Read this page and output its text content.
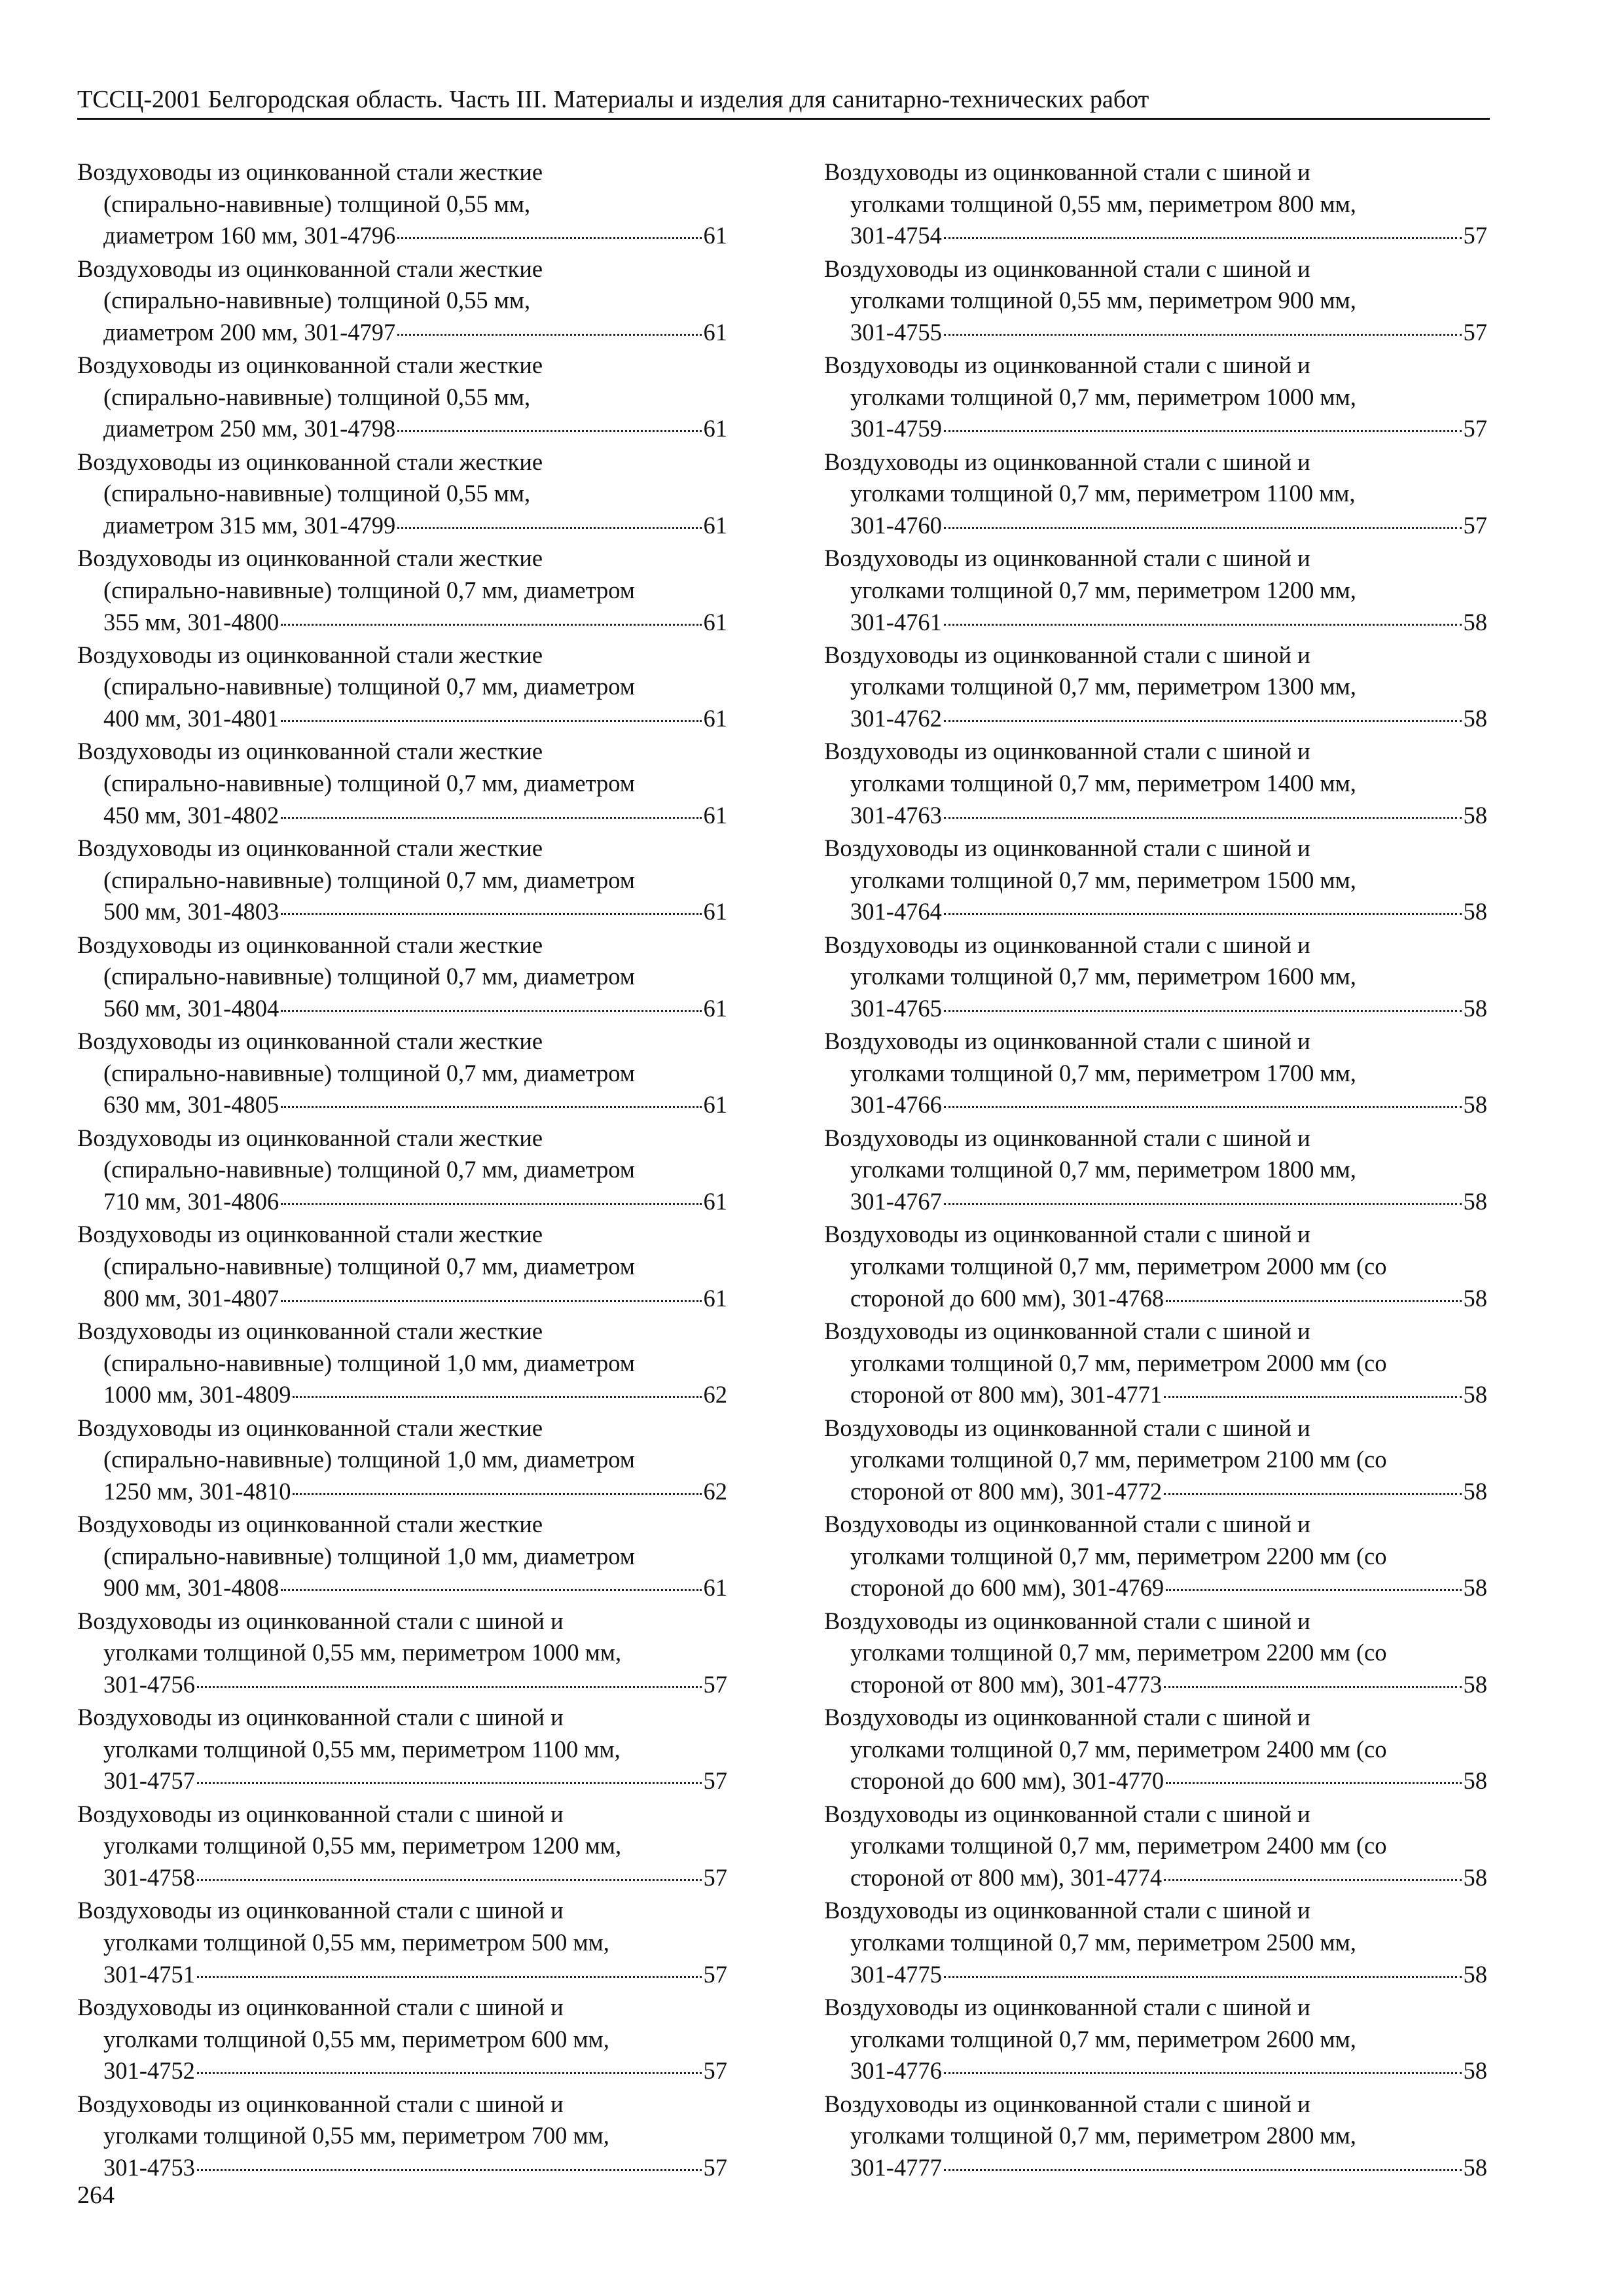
ТССЦ-2001 Белгородская область. Часть III. Материалы и изделия для санитарно-технических работ
Воздуховоды из оцинкованной стали жесткие
(спирально-навивные) толщиной 0,55 мм,
диаметром 160 мм, 301-4796	61
Воздуховоды из оцинкованной стали жесткие
(спирально-навивные) толщиной 0,55 мм,
диаметром 200 мм, 301-4797	61
Воздуховоды из оцинкованной стали жесткие
(спирально-навивные) толщиной 0,55 мм,
диаметром 250 мм, 301-4798	61
Воздуховоды из оцинкованной стали жесткие
(спирально-навивные) толщиной 0,55 мм,
диаметром 315 мм, 301-4799	61
Воздуховоды из оцинкованной стали жесткие
(спирально-навивные) толщиной 0,7 мм, диаметром
355 мм, 301-4800	61
Воздуховоды из оцинкованной стали жесткие
(спирально-навивные) толщиной 0,7 мм, диаметром
400 мм, 301-4801	61
Воздуховоды из оцинкованной стали жесткие
(спирально-навивные) толщиной 0,7 мм, диаметром
450 мм, 301-4802	61
Воздуховоды из оцинкованной стали жесткие
(спирально-навивные) толщиной 0,7 мм, диаметром
500 мм, 301-4803	61
Воздуховоды из оцинкованной стали жесткие
(спирально-навивные) толщиной 0,7 мм, диаметром
560 мм, 301-4804	61
Воздуховоды из оцинкованной стали жесткие
(спирально-навивные) толщиной 0,7 мм, диаметром
630 мм, 301-4805	61
Воздуховоды из оцинкованной стали жесткие
(спирально-навивные) толщиной 0,7 мм, диаметром
710 мм, 301-4806	61
Воздуховоды из оцинкованной стали жесткие
(спирально-навивные) толщиной 0,7 мм, диаметром
800 мм, 301-4807	61
Воздуховоды из оцинкованной стали жесткие
(спирально-навивные) толщиной 1,0 мм, диаметром
1000 мм, 301-4809	62
Воздуховоды из оцинкованной стали жесткие
(спирально-навивные) толщиной 1,0 мм, диаметром
1250 мм, 301-4810	62
Воздуховоды из оцинкованной стали жесткие
(спирально-навивные) толщиной 1,0 мм, диаметром
900 мм, 301-4808	61
Воздуховоды из оцинкованной стали с шиной и
уголками толщиной 0,55 мм, периметром 1000 мм,
301-4756	57
Воздуховоды из оцинкованной стали с шиной и
уголками толщиной 0,55 мм, периметром 1100 мм,
301-4757	57
Воздуховоды из оцинкованной стали с шиной и
уголками толщиной 0,55 мм, периметром 1200 мм,
301-4758	57
Воздуховоды из оцинкованной стали с шиной и
уголками толщиной 0,55 мм, периметром 500 мм,
301-4751	57
Воздуховоды из оцинкованной стали с шиной и
уголками толщиной 0,55 мм, периметром 600 мм,
301-4752	57
Воздуховоды из оцинкованной стали с шиной и
уголками толщиной 0,55 мм, периметром 700 мм,
301-4753	57
Воздуховоды из оцинкованной стали с шиной и
уголками толщиной 0,55 мм, периметром 800 мм,
301-4754	57
Воздуховоды из оцинкованной стали с шиной и
уголками толщиной 0,55 мм, периметром 900 мм,
301-4755	57
Воздуховоды из оцинкованной стали с шиной и
уголками толщиной 0,7 мм, периметром 1000 мм,
301-4759	57
Воздуховоды из оцинкованной стали с шиной и
уголками толщиной 0,7 мм, периметром 1100 мм,
301-4760	57
Воздуховоды из оцинкованной стали с шиной и
уголками толщиной 0,7 мм, периметром 1200 мм,
301-4761	58
Воздуховоды из оцинкованной стали с шиной и
уголками толщиной 0,7 мм, периметром 1300 мм,
301-4762	58
Воздуховоды из оцинкованной стали с шиной и
уголками толщиной 0,7 мм, периметром 1400 мм,
301-4763	58
Воздуховоды из оцинкованной стали с шиной и
уголками толщиной 0,7 мм, периметром 1500 мм,
301-4764	58
Воздуховоды из оцинкованной стали с шиной и
уголками толщиной 0,7 мм, периметром 1600 мм,
301-4765	58
Воздуховоды из оцинкованной стали с шиной и
уголками толщиной 0,7 мм, периметром 1700 мм,
301-4766	58
Воздуховоды из оцинкованной стали с шиной и
уголками толщиной 0,7 мм, периметром 1800 мм,
301-4767	58
Воздуховоды из оцинкованной стали с шиной и
уголками толщиной 0,7 мм, периметром 2000 мм (со
стороной до 600 мм), 301-4768	58
Воздуховоды из оцинкованной стали с шиной и
уголками толщиной 0,7 мм, периметром 2000 мм (со
стороной от 800 мм), 301-4771	58
Воздуховоды из оцинкованной стали с шиной и
уголками толщиной 0,7 мм, периметром 2100 мм (со
стороной от 800 мм), 301-4772	58
Воздуховоды из оцинкованной стали с шиной и
уголками толщиной 0,7 мм, периметром 2200 мм (со
стороной до 600 мм), 301-4769	58
Воздуховоды из оцинкованной стали с шиной и
уголками толщиной 0,7 мм, периметром 2200 мм (со
стороной от 800 мм), 301-4773	58
Воздуховоды из оцинкованной стали с шиной и
уголками толщиной 0,7 мм, периметром 2400 мм (со
стороной до 600 мм), 301-4770	58
Воздуховоды из оцинкованной стали с шиной и
уголками толщиной 0,7 мм, периметром 2400 мм (со
стороной от 800 мм), 301-4774	58
Воздуховоды из оцинкованной стали с шиной и
уголками толщиной 0,7 мм, периметром 2500 мм,
301-4775	58
Воздуховоды из оцинкованной стали с шиной и
уголками толщиной 0,7 мм, периметром 2600 мм,
301-4776	58
Воздуховоды из оцинкованной стали с шиной и
уголками толщиной 0,7 мм, периметром 2800 мм,
301-4777	58
264
